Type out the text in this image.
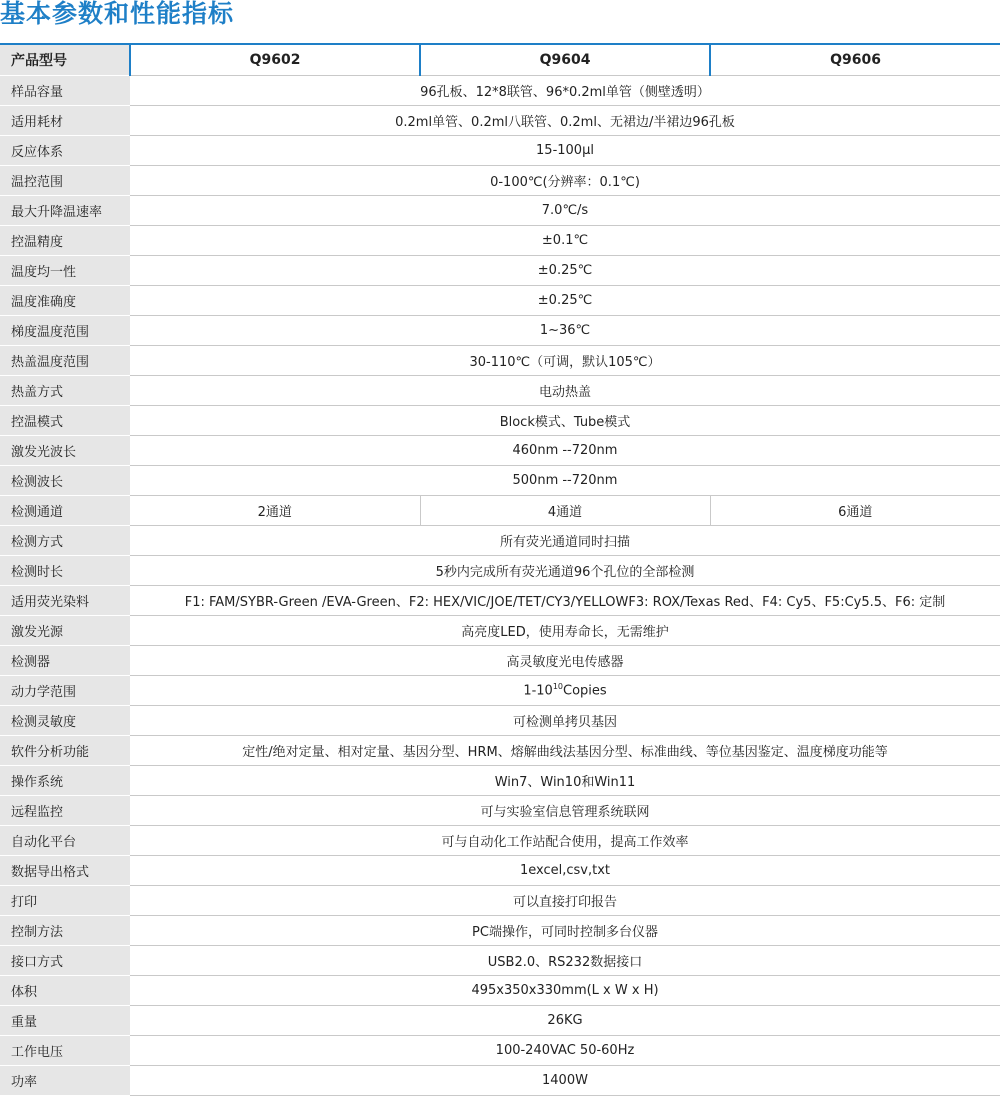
基本参数和性能指标
产品型号	Q9602	Q9604	Q9606
样品容量	96孔板、12*8联管、96*0.2ml单管（侧壁透明）		
适用耗材	0.2ml单管、0.2ml八联管、0.2ml、无裙边/半裙边96孔板		
反应体系	15-100μl		
温控范围	0-100℃(分辨率：0.1℃)		
最大升降温速率	7.0℃/s		
控温精度	±0.1℃		
温度均一性	±0.25℃		
温度准确度	±0.25℃		
梯度温度范围	1~36℃		
热盖温度范围	30-110℃（可调，默认105℃）		
热盖方式	电动热盖		
控温模式	Block模式、Tube模式		
激发光波长	460nm --720nm		
检测波长	500nm --720nm		
检测通道	2通道	4通道	6通道
检测方式	所有荧光通道同时扫描		
检测时长	5秒内完成所有荧光通道96个孔位的全部检测		
适用荧光染料	F1: FAM/SYBR-Green /EVA-Green、F2: HEX/VIC/JOE/TET/CY3/YELLOWF3: ROX/Texas Red、F4: Cy5、F5:Cy5.5、F6: 定制		
激发光源	高亮度LED，使用寿命长，无需维护		
检测器	高灵敏度光电传感器		
动力学范围	$1-10^{10}Copies$		
检测灵敏度	可检测单拷贝基因		
软件分析功能	定性/绝对定量、相对定量、基因分型、HRM、熔解曲线法基因分型、标准曲线、等位基因鉴定、温度梯度功能等		
操作系统	Win7、Win10和Win11		
远程监控	可与实验室信息管理系统联网		
自动化平台	可与自动化工作站配合使用，提高工作效率		
数据导出格式	1excel,csv,txt		
打印	可以直接打印报告		
控制方法	PC端操作，可同时控制多台仪器		
接口方式	USB2.0、RS232数据接口		
体积	495x350x330mm(L x W x H)		
重量	26KG		
工作电压	100-240VAC 50-60Hz		
功率	1400W		
